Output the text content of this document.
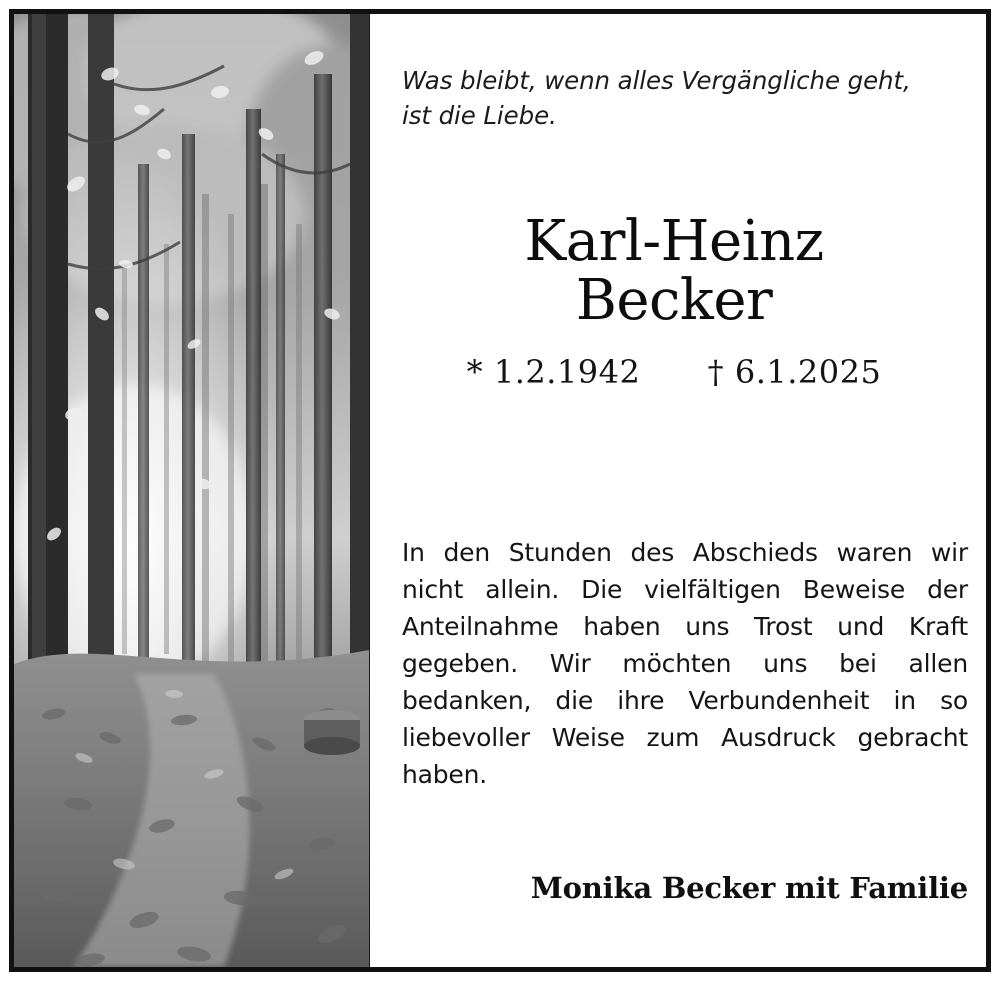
Was bleibt, wenn alles Vergängliche geht,
ist die Liebe.
Karl-Heinz
Becker
* 1.2.1942 † 6.1.2025
In den Stunden des Abschieds waren wir nicht allein. Die vielfältigen Beweise der Anteilnahme haben uns Trost und Kraft gegeben. Wir möchten uns bei allen bedanken, die ihre Verbundenheit in so liebevoller Weise zum Ausdruck gebracht haben.
Monika Becker mit Familie
